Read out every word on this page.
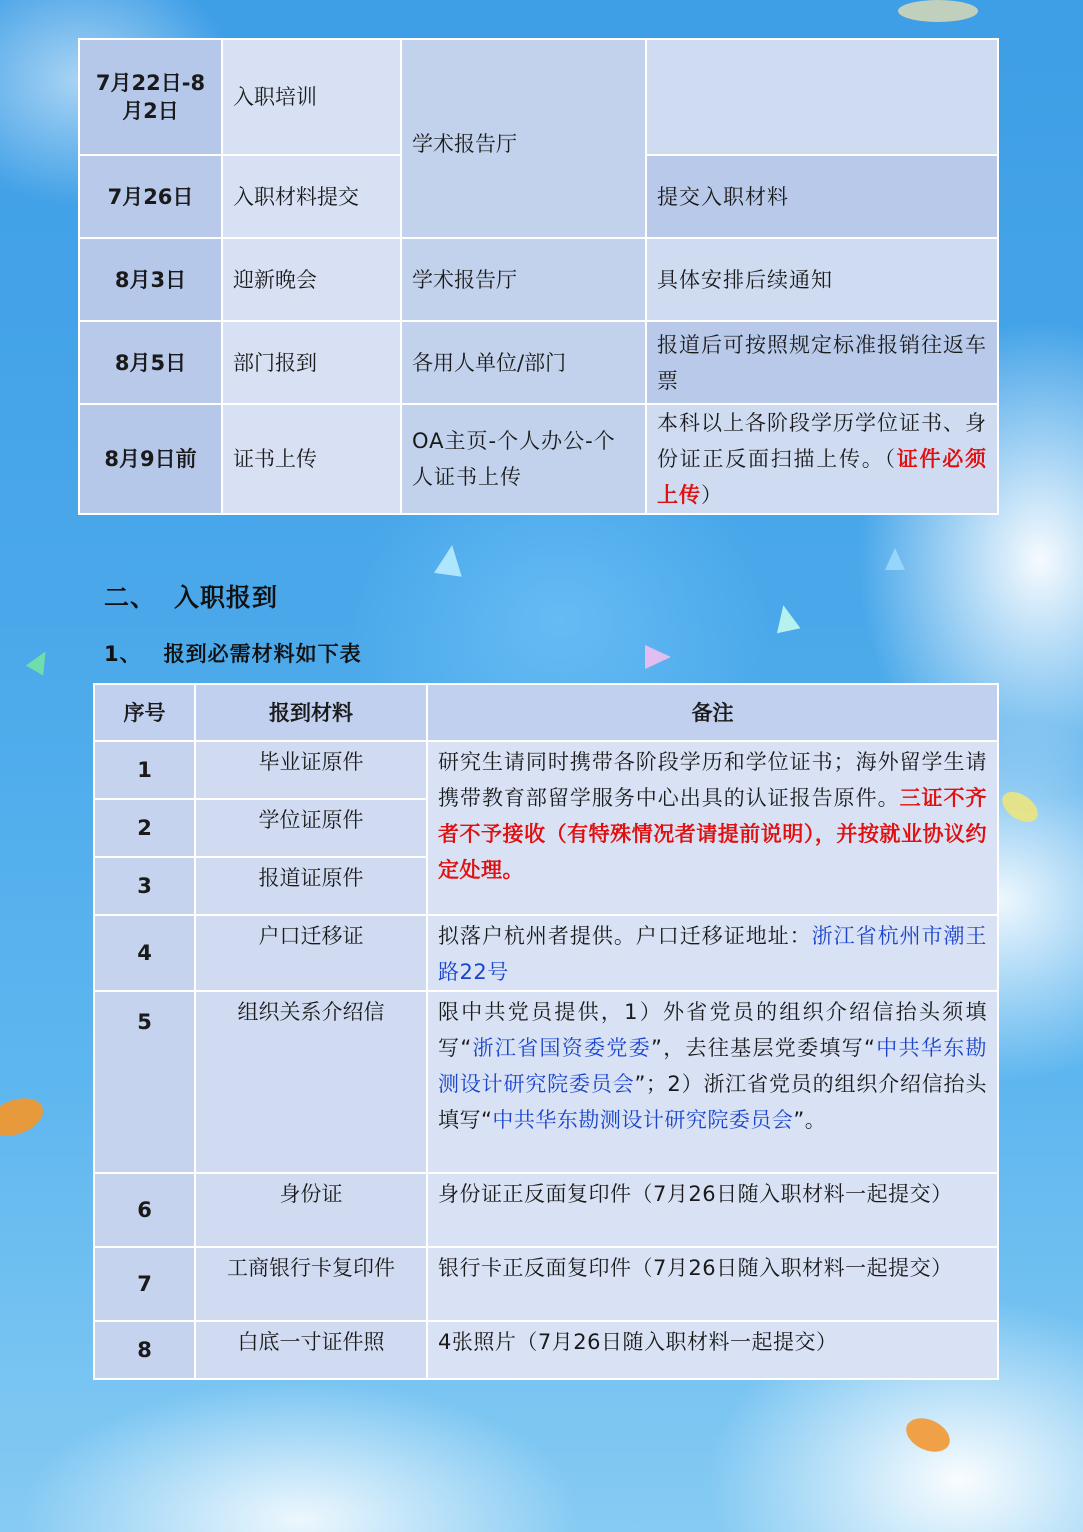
7月22日-8月2日	入职培训	学术报告厅	
7月26日	入职材料提交		提交入职材料
8月3日	迎新晚会	学术报告厅	具体安排后续通知
8月5日	部门报到	各用人单位/部门	报道后可按照规定标准报销往返车票
8月9日前	证书上传	OA主页-个人办公-个人证书上传	本科以上各阶段学历学位证书、身份证正反面扫描上传。（证件必须上传）
二、 入职报到
1、 报到必需材料如下表
序号	报到材料	备注
1	毕业证原件	研究生请同时携带各阶段学历和学位证书；海外留学生请携带教育部留学服务中心出具的认证报告原件。三证不齐者不予接收（有特殊情况者请提前说明），并按就业协议约定处理。
2	学位证原件	
3	报道证原件	
4	户口迁移证	拟落户杭州者提供。户口迁移证地址：浙江省杭州市潮王路22号
5	组织关系介绍信	限中共党员提供，1）外省党员的组织介绍信抬头须填写“浙江省国资委党委”，去往基层党委填写“中共华东勘测设计研究院委员会”；2）浙江省党员的组织介绍信抬头填写“中共华东勘测设计研究院委员会”。
6	身份证	身份证正反面复印件（7月26日随入职材料一起提交）
7	工商银行卡复印件	银行卡正反面复印件（7月26日随入职材料一起提交）
8	白底一寸证件照	4张照片（7月26日随入职材料一起提交）
